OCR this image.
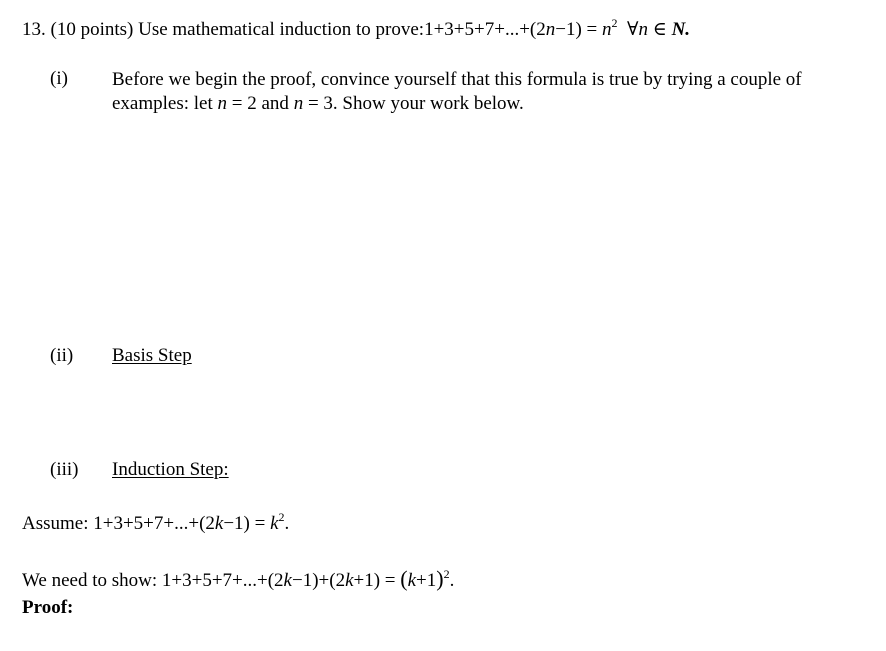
13. (10 points) Use mathematical induction to prove:1+3+5+7+...+(2n−1) = $n^2$ ∀n ∈ N.
(i) Before we begin the proof, convince yourself that this formula is true by trying a couple of
examples: let n = 2 and n = 3. Show your work below.
(ii) Basis Step
(iii) Induction Step:
Assume: $1+3+5+7+...+(2k-1) = k^2$.
We need to show: $1+3+5+7+...+(2k-1)+(2k+1) = (k+1)^2$.
Proof:
